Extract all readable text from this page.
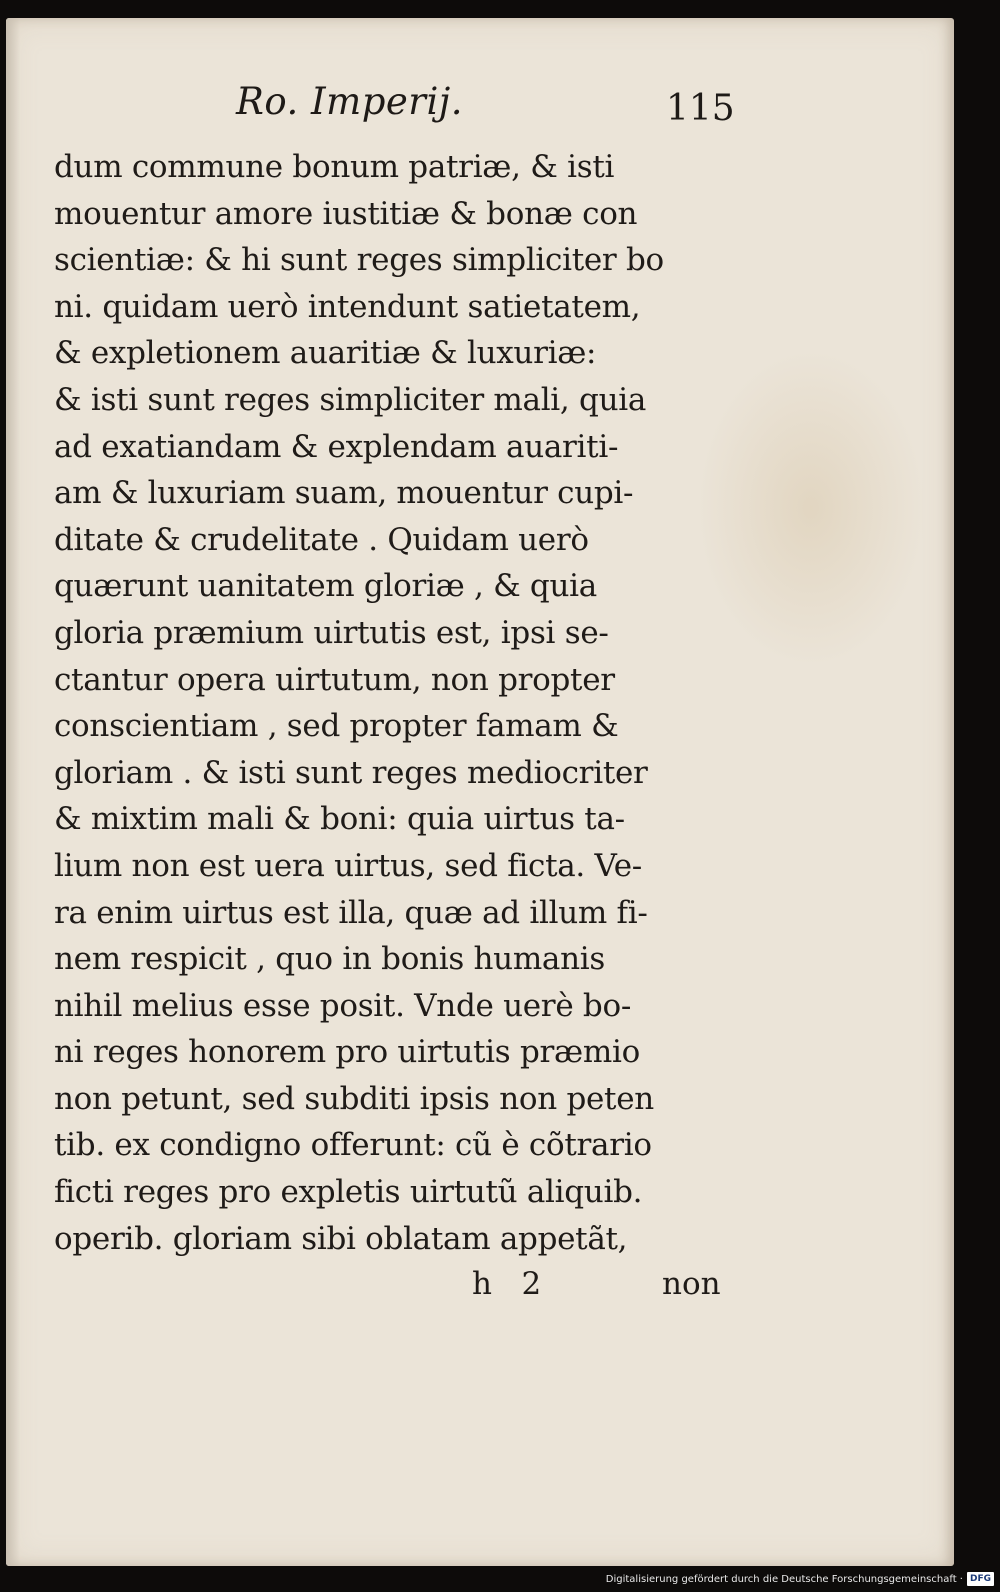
Ro. Imperij.	115
dum commune bonum patriæ, & isti
mouentur amore iustitiæ & bonæ con
scientiæ: & hi sunt reges simpliciter bo
ni. quidam uerò intendunt satietatem,
& expletionem auaritiæ & luxuriæ:
& isti sunt reges simpliciter mali, quia
ad exatiandam & explendam auariti-
am & luxuriam suam, mouentur cupi-
ditate & crudelitate . Quidam uerò
quærunt uanitatem gloriæ , & quia
gloria præmium uirtutis est, ipsi se-
ctantur opera uirtutum, non propter
conscientiam , sed propter famam &
gloriam . & isti sunt reges mediocriter
& mixtim mali & boni: quia uirtus ta-
lium non est uera uirtus, sed ficta. Ve-
ra enim uirtus est illa, quæ ad illum fi-
nem respicit , quo in bonis humanis
nihil melius esse posit. Vnde uerè bo-
ni reges honorem pro uirtutis præmio
non petunt, sed subditi ipsis non peten
tib. ex condigno offerunt: cũ è cõtrario
ficti reges pro expletis uirtutũ aliquib.
operib. gloriam sibi oblatam appetãt,
h   2	non
Digitalisierung gefördert durch die Deutsche Forschungsgemeinschaft · DFG
